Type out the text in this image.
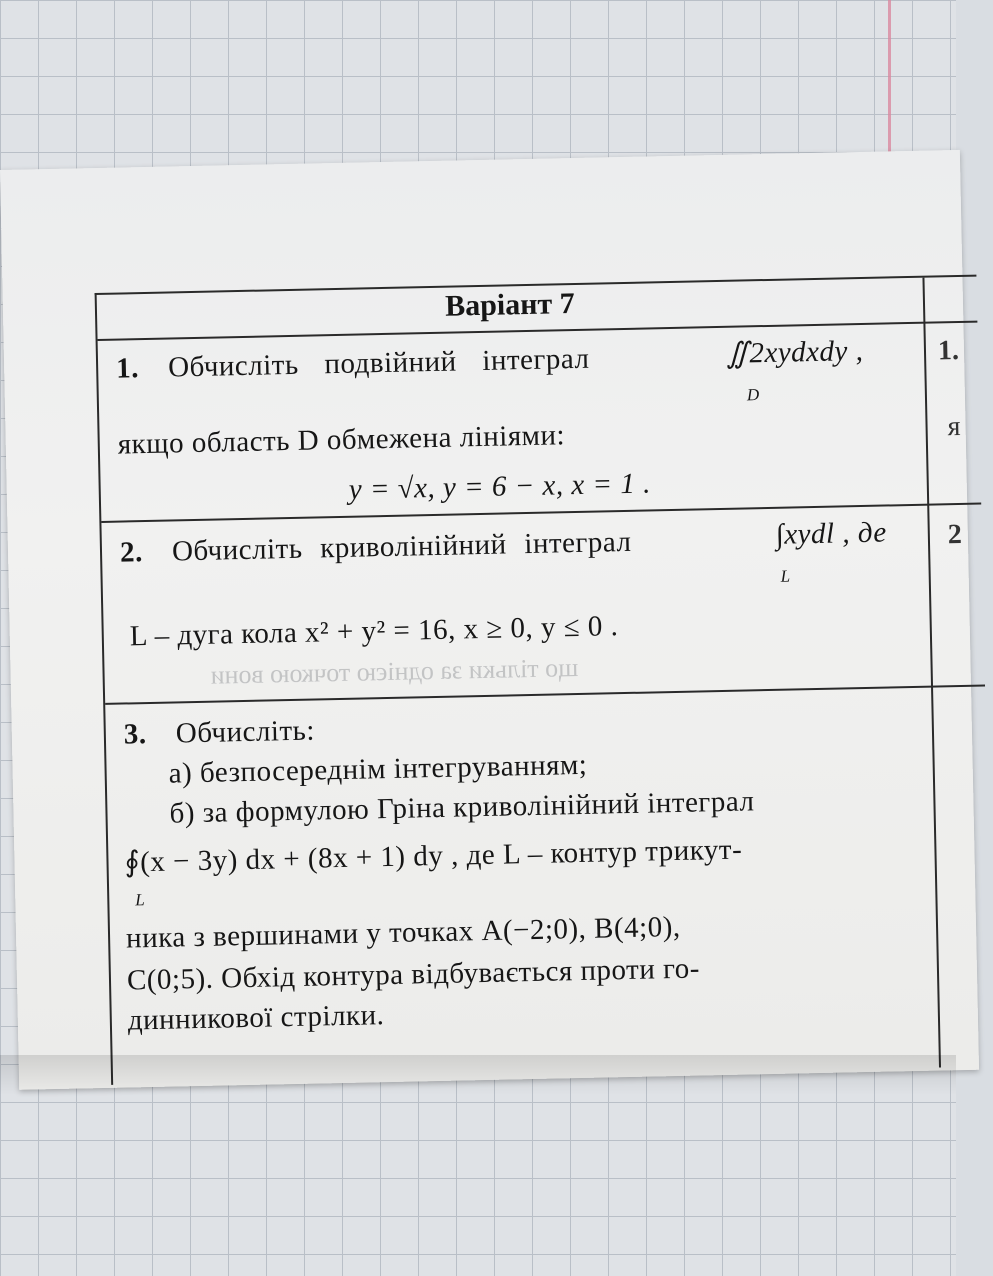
що тільки за однією точкою вони
Варіант 7
1. Обчисліть подвійний інтеграл	∬2xydxdy ,
D
якщо область D обмежена лініями:
y = √x, y = 6 − x, x = 1 .
1.
я
2. Обчисліть криволінійний інтеграл	∫xydl , де
L
L – дуга кола x² + y² = 16, x ≥ 0, y ≤ 0 .
2
3. Обчисліть:
а) безпосереднім інтегруванням;
б) за формулою Гріна криволінійний інтеграл
∮(x − 3y) dx + (8x + 1) dy , де L – контур трикут-
L
ника з вершинами у точках A(−2;0), B(4;0),
C(0;5). Обхід контура відбувається проти го-
динникової стрілки.
